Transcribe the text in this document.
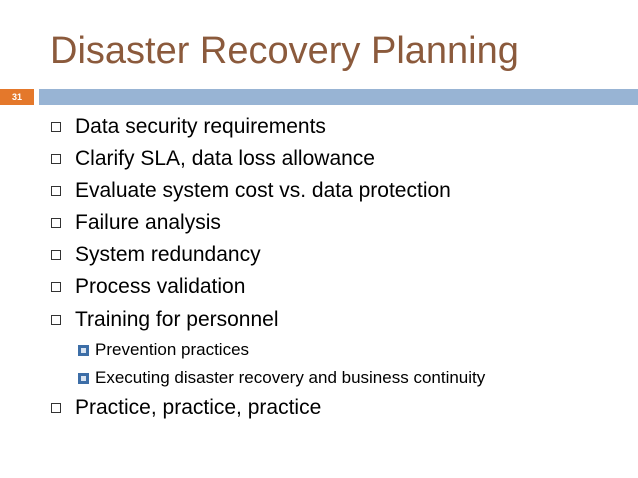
Disaster Recovery Planning
31
Data security requirements
Clarify SLA, data loss allowance
Evaluate system cost vs. data protection
Failure analysis
System redundancy
Process validation
Training for personnel
Prevention practices
Executing disaster recovery and business continuity
Practice, practice, practice
